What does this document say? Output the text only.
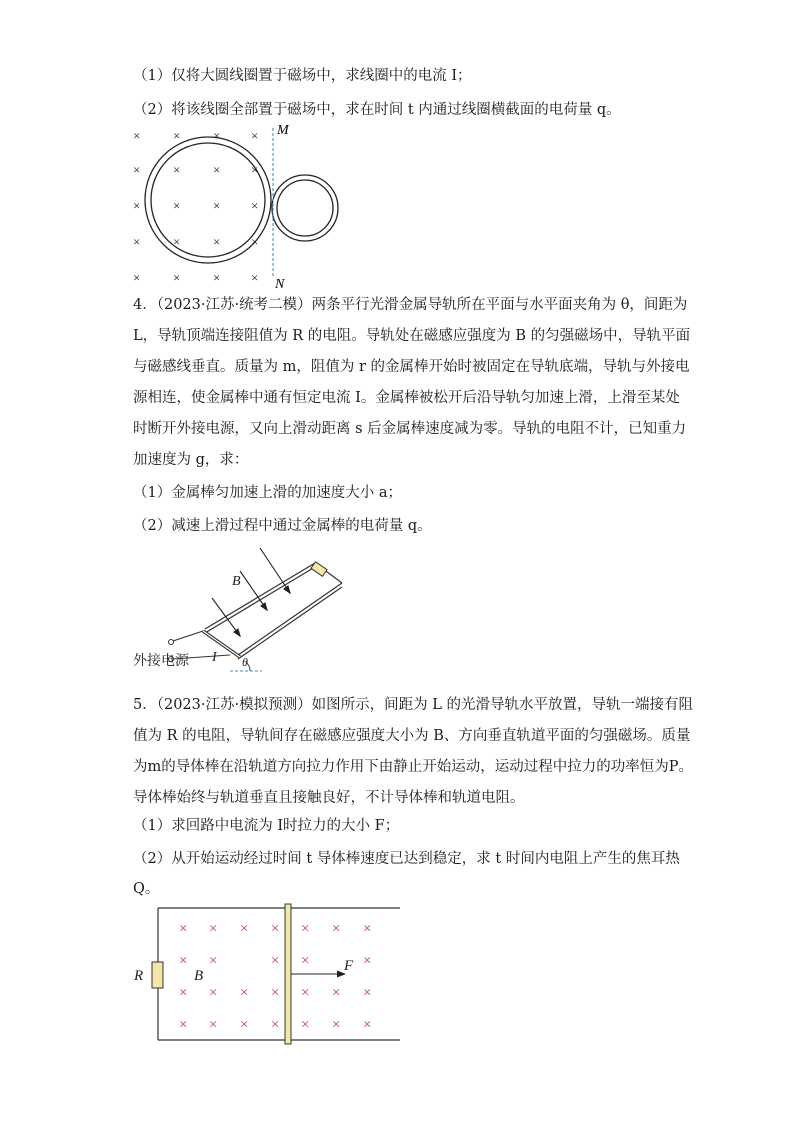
（1）仅将大圆线圈置于磁场中，求线圈中的电流 I；
（2）将该线圈全部置于磁场中，求在时间 t 内通过线圈横截面的电荷量 q。
×	×	× ×
×	×	× ×
×	×	× ×
×	×	× ×
×	×	× ×
M
N
4．（2023·江苏·统考二模）两条平行光滑金属导轨所在平面与水平面夹角为 θ，间距为
L，导轨顶端连接阻值为 R 的电阻。导轨处在磁感应强度为 B 的匀强磁场中，导轨平面
与磁感线垂直。质量为 m，阻值为 r 的金属棒开始时被固定在导轨底端，导轨与外接电
源相连，使金属棒中通有恒定电流 I。金属棒被松开后沿导轨匀加速上滑，上滑至某处
时断开外接电源，又向上滑动距离 s 后金属棒速度减为零。导轨的电阻不计，已知重力
加速度为 g，求：
（1）金属棒匀加速上滑的加速度大小 a；
（2）减速上滑过程中通过金属棒的电荷量 q。
B
I θ
外接电源
5．（2023·江苏·模拟预测）如图所示，间距为 L 的光滑导轨水平放置，导轨一端接有阻
值为 R 的电阻，导轨间存在磁感应强度大小为 B、方向垂直轨道平面的匀强磁场。质量
为m的导体棒在沿轨道方向拉力作用下由静止开始运动，运动过程中拉力的功率恒为P。
导体棒始终与轨道垂直且接触良好，不计导体棒和轨道电阻。
（1）求回路中电流为 I时拉力的大小 F；
（2）从开始运动经过时间 t 导体棒速度已达到稳定，求 t 时间内电阻上产生的焦耳热
Q。
R
× × × × × × ×
× ×	× ×	×
× × × × × × ×
× × × × × × ×
B
F
